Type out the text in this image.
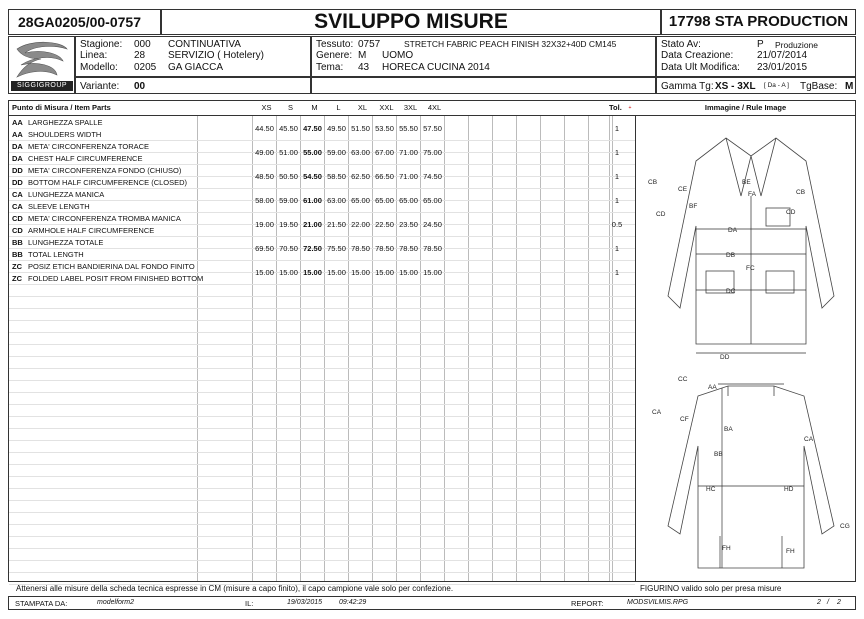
28GA0205/00-0757	SVILUPPO MISURE	17798 STA PRODUCTION
SIGGIGROUP
Stagione: 000 CONTINUATIVA
Linea:	28 SERVIZIO ( Hotelery)
Modello: 0205 GA GIACCA
Variante: 00
Tessuto: 0757	STRETCH FABRIC PEACH FINISH 32X32+40D CM145
Genere: M UOMO
Tema: 43 HORECA CUCINA 2014
Stato Av:	P Produzione
Data Creazione: 21/07/2014
Data Ult Modifica: 23/01/2015
Gamma Tg: XS - 3XL [ Da - A ] TgBase: M
Punto di Misura / Item Parts	XS	S	M	L	XL	XXL	3XL	4XL	Tol.	+	Immagine / Rule Image
AA LARGHEZZA SPALLE
AA SHOULDERS WIDTH
44.50 45.50 47.50 49.50 51.50 53.50 55.50 57.50	1
DA META' CIRCONFERENZA TORACE
DA CHEST HALF CIRCUMFERENCE
49.00 51.00 55.00 59.00 63.00 67.00 71.00 75.00	1
DD META' CIRCONFERENZA FONDO (CHIUSO)
DD BOTTOM HALF CIRCUMFERENCE (CLOSED)
48.50 50.50 54.50 58.50 62.50 66.50 71.00 74.50	1
CA LUNGHEZZA MANICA
CA SLEEVE LENGTH
58.00 59.00 61.00 63.00 65.00 65.00 65.00 65.00	1
CD META' CIRCONFERENZA TROMBA MANICA
CD ARMHOLE HALF CIRCUMFERENCE
19.00 19.50 21.00 21.50 22.00 22.50 23.50 24.50	0.5
BB LUNGHEZZA TOTALE
BB TOTAL LENGTH
69.50 70.50 72.50 75.50 78.50 78.50 78.50 78.50	1
ZC POSIZ ETICH BANDIERINA DAL FONDO FINITO
ZC FOLDED LABEL POSIT FROM FINISHED BOTTOM
15.00 15.00 15.00 15.00 15.00 15.00 15.00 15.00	1
CB
CE
BF
BE
FA	CB
CD	CD
DA
DB
FC
DC
DD
CC
AA
CA
CF
BA
BB
CA
HC	HD
CG
FH	FH
Attenersi alle misure della scheda tecnica espresse in CM (misure a capo finito), il capo campione vale solo per confezione.	FIGURINO valido solo per presa misure
STAMPATA DA:	modelform2	IL:	19/03/2015 09:42:29	REPORT:	MODSVILMIS.RPG	2 / 2
